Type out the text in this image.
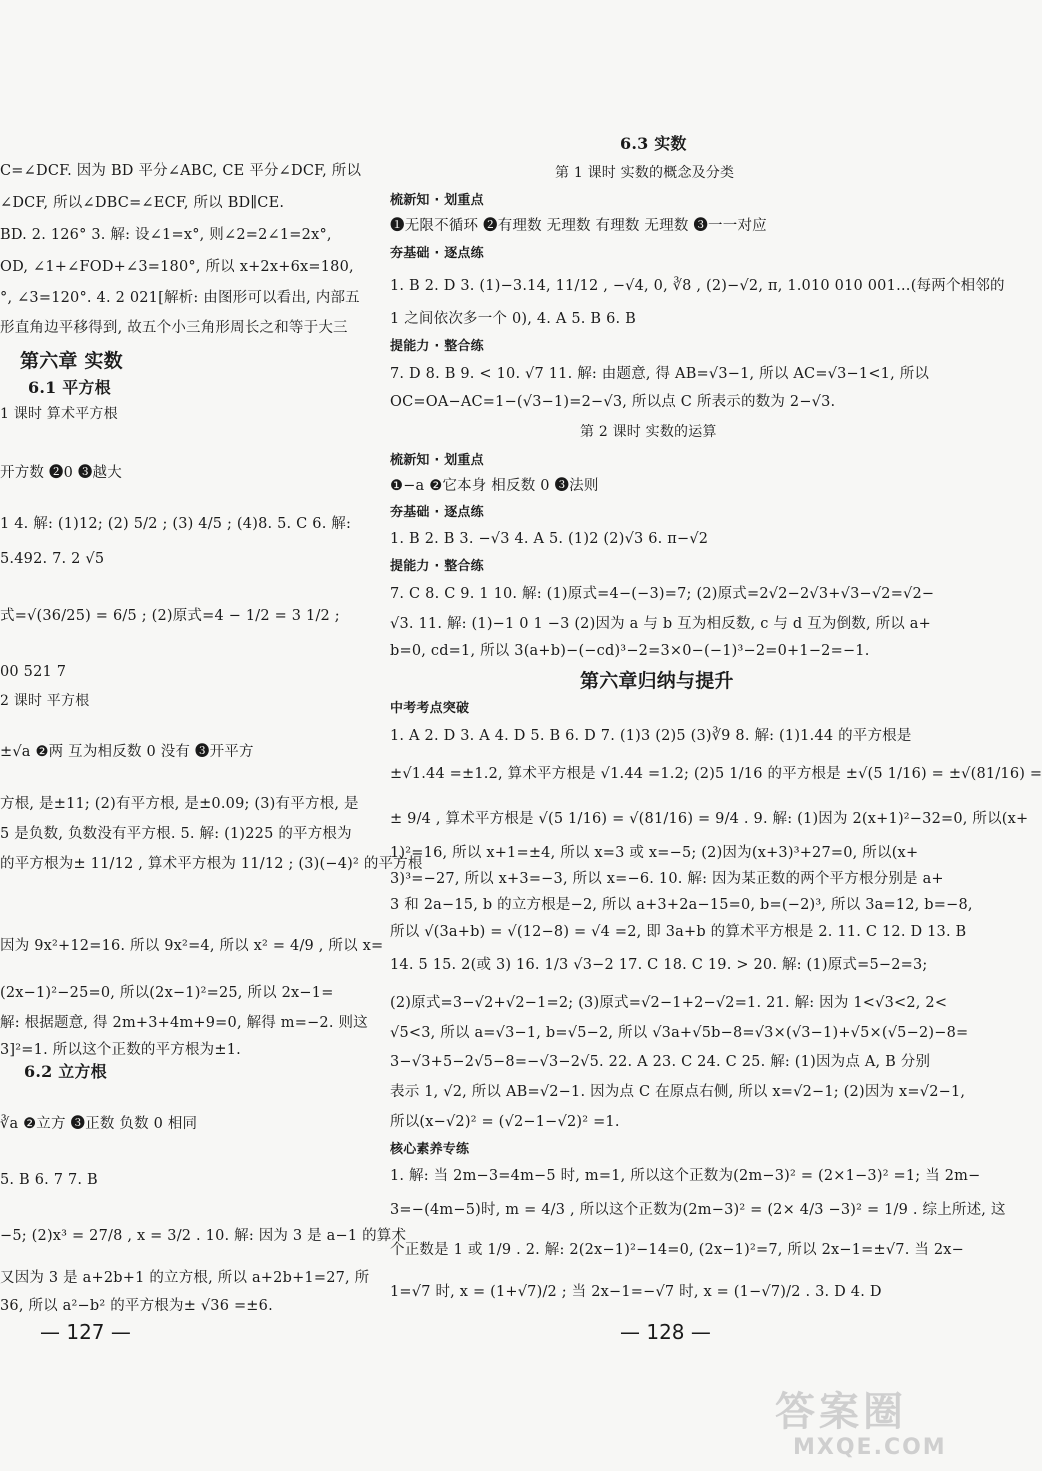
C=∠DCF. 因为 BD 平分∠ABC, CE 平分∠DCF, 所以
∠DCF, 所以∠DBC=∠ECF, 所以 BD∥CE.
BD. 2. 126° 3. 解: 设∠1=x°, 则∠2=2∠1=2x°,
OD, ∠1+∠FOD+∠3=180°, 所以 x+2x+6x=180,
°, ∠3=120°. 4. 2 021[解析: 由图形可以看出, 内部五
形直角边平移得到, 故五个小三角形周长之和等于大三
第六章 实数
6.1 平方根
1 课时 算术平方根
开方数 ❷0 ❸越大
1 4. 解: (1)12; (2) 5/2 ; (3) 4/5 ; (4)8. 5. C 6. 解:
5.492. 7. 2 √5
式=√(36/25) = 6/5 ; (2)原式=4 − 1/2 = 3 1/2 ;
00 521 7
2 课时 平方根
±√a ❷两 互为相反数 0 没有 ❸开平方
方根, 是±11; (2)有平方根, 是±0.09; (3)有平方根, 是
5 是负数, 负数没有平方根. 5. 解: (1)225 的平方根为
的平方根为± 11/12 , 算术平方根为 11/12 ; (3)(−4)² 的平方根
因为 9x²+12=16. 所以 9x²=4, 所以 x² = 4/9 , 所以 x=
(2x−1)²−25=0, 所以(2x−1)²=25, 所以 2x−1=
解: 根据题意, 得 2m+3+4m+9=0, 解得 m=−2. 则这
3]²=1. 所以这个正数的平方根为±1.
6.2 立方根
∛a ❷立方 ❸正数 负数 0 相同
5. B 6. 7 7. B
−5; (2)x³ = 27/8 , x = 3/2 . 10. 解: 因为 3 是 a−1 的算术
又因为 3 是 a+2b+1 的立方根, 所以 a+2b+1=27, 所
36, 所以 a²−b² 的平方根为± √36 =±6.
— 127 —
6.3 实数
第 1 课时 实数的概念及分类
梳新知 · 划重点
❶无限不循环 ❷有理数 无理数 有理数 无理数 ❸一一对应
夯基础 · 逐点练
1. B 2. D 3. (1)−3.14, 11/12 , −√4, 0, ∛8 , (2)−√2, π, 1.010 010 001…(每两个相邻的
1 之间依次多一个 0), 4. A 5. B 6. B
提能力 · 整合练
7. D 8. B 9. < 10. √7 11. 解: 由题意, 得 AB=√3−1, 所以 AC=√3−1<1, 所以
OC=OA−AC=1−(√3−1)=2−√3, 所以点 C 所表示的数为 2−√3.
第 2 课时 实数的运算
梳新知 · 划重点
❶−a ❷它本身 相反数 0 ❸法则
夯基础 · 逐点练
1. B 2. B 3. −√3 4. A 5. (1)2 (2)√3 6. π−√2
提能力 · 整合练
7. C 8. C 9. 1 10. 解: (1)原式=4−(−3)=7; (2)原式=2√2−2√3+√3−√2=√2−
√3. 11. 解: (1)−1 0 1 −3 (2)因为 a 与 b 互为相反数, c 与 d 互为倒数, 所以 a+
b=0, cd=1, 所以 3(a+b)−(−cd)³−2=3×0−(−1)³−2=0+1−2=−1.
第六章归纳与提升
中考考点突破
1. A 2. D 3. A 4. D 5. B 6. D 7. (1)3 (2)5 (3)∛9 8. 解: (1)1.44 的平方根是
±√1.44 =±1.2, 算术平方根是 √1.44 =1.2; (2)5 1/16 的平方根是 ±√(5 1/16) = ±√(81/16) =
± 9/4 , 算术平方根是 √(5 1/16) = √(81/16) = 9/4 . 9. 解: (1)因为 2(x+1)²−32=0, 所以(x+
1)²=16, 所以 x+1=±4, 所以 x=3 或 x=−5; (2)因为(x+3)³+27=0, 所以(x+
3)³=−27, 所以 x+3=−3, 所以 x=−6. 10. 解: 因为某正数的两个平方根分别是 a+
3 和 2a−15, b 的立方根是−2, 所以 a+3+2a−15=0, b=(−2)³, 所以 3a=12, b=−8,
所以 √(3a+b) = √(12−8) = √4 =2, 即 3a+b 的算术平方根是 2. 11. C 12. D 13. B
14. 5 15. 2(或 3) 16. 1/3 √3−2 17. C 18. C 19. > 20. 解: (1)原式=5−2=3;
(2)原式=3−√2+√2−1=2; (3)原式=√2−1+2−√2=1. 21. 解: 因为 1<√3<2, 2<
√5<3, 所以 a=√3−1, b=√5−2, 所以 √3a+√5b−8=√3×(√3−1)+√5×(√5−2)−8=
3−√3+5−2√5−8=−√3−2√5. 22. A 23. C 24. C 25. 解: (1)因为点 A, B 分别
表示 1, √2, 所以 AB=√2−1. 因为点 C 在原点右侧, 所以 x=√2−1; (2)因为 x=√2−1,
所以(x−√2)² = (√2−1−√2)² =1.
核心素养专练
1. 解: 当 2m−3=4m−5 时, m=1, 所以这个正数为(2m−3)² = (2×1−3)² =1; 当 2m−
3=−(4m−5)时, m = 4/3 , 所以这个正数为(2m−3)² = (2× 4/3 −3)² = 1/9 . 综上所述, 这
个正数是 1 或 1/9 . 2. 解: 2(2x−1)²−14=0, (2x−1)²=7, 所以 2x−1=±√7. 当 2x−
1=√7 时, x = (1+√7)/2 ; 当 2x−1=−√7 时, x = (1−√7)/2 . 3. D 4. D
— 128 —
答案圈
MXQE.COM
